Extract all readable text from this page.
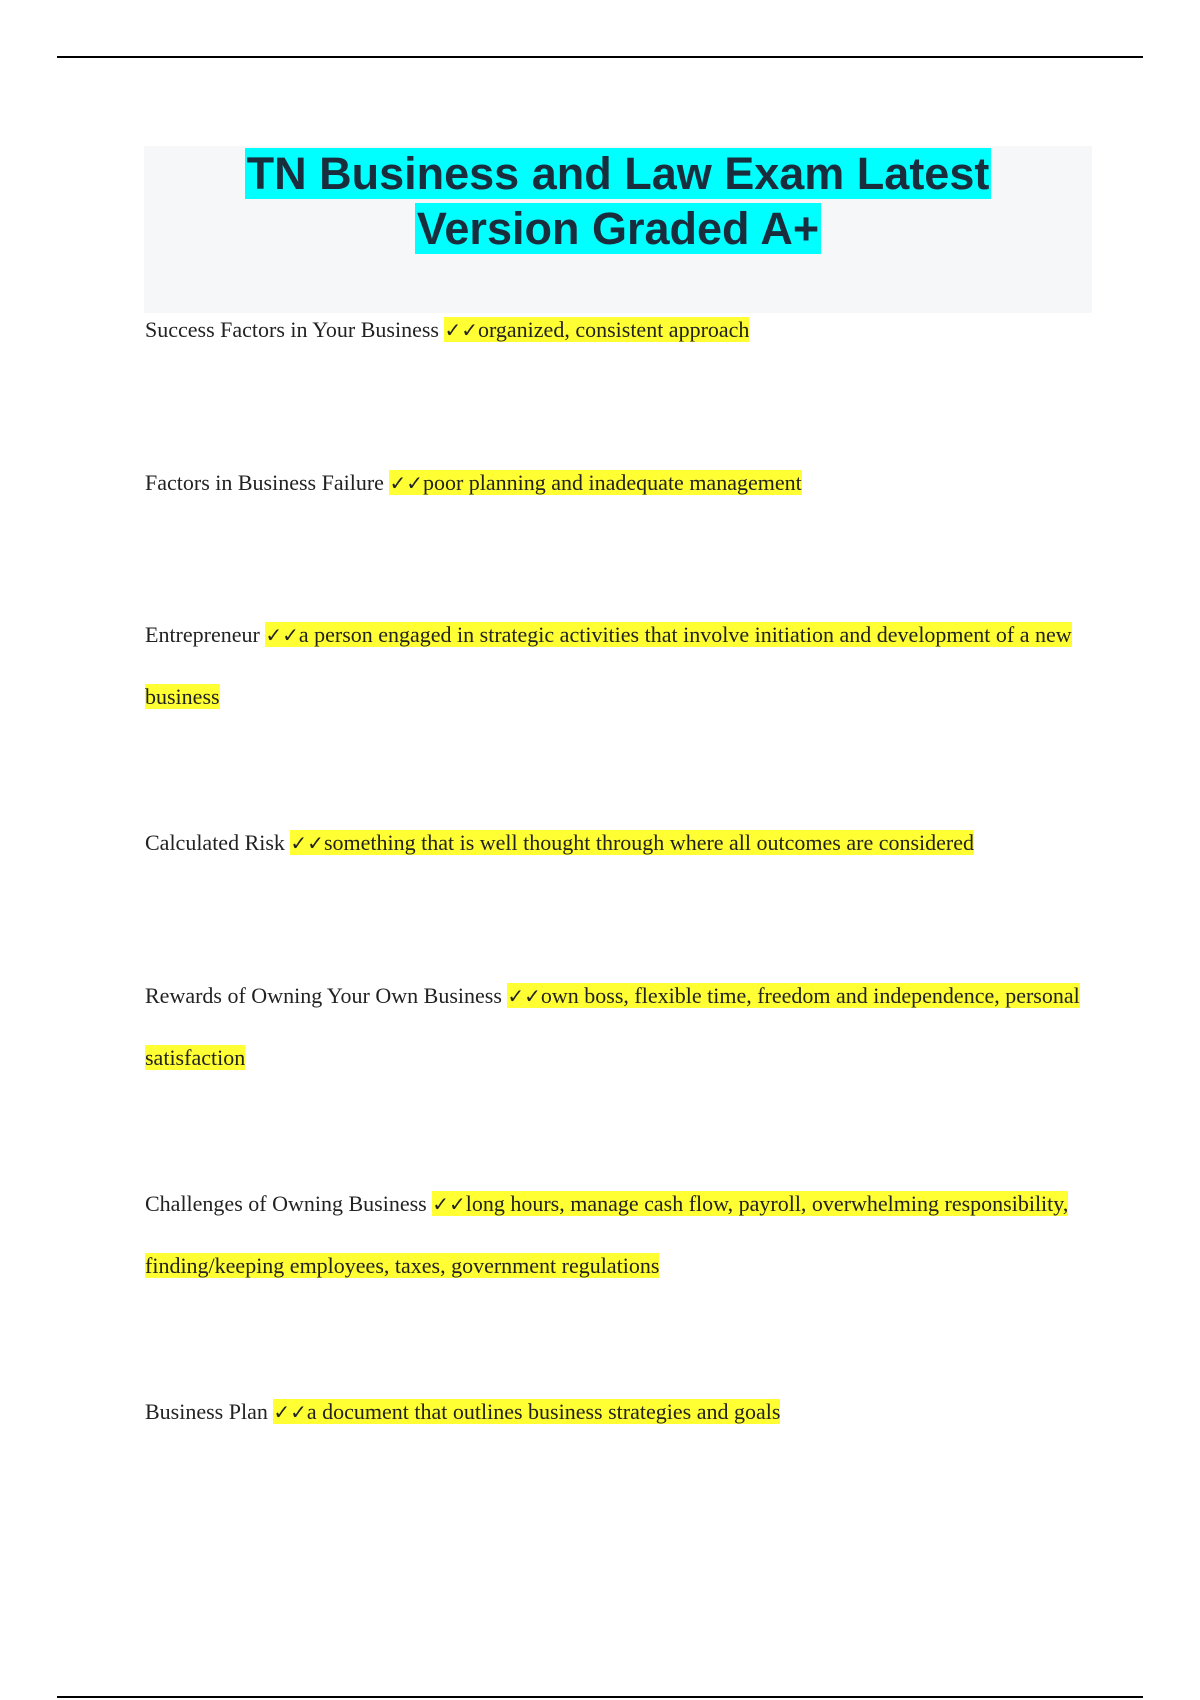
TN Business and Law Exam Latest
Version Graded A+

Success Factors in Your Business ✓✓organized, consistent approach

Factors in Business Failure ✓✓poor planning and inadequate management

Entrepreneur ✓✓a person engaged in strategic activities that involve initiation and development of a new business

Calculated Risk ✓✓something that is well thought through where all outcomes are considered

Rewards of Owning Your Own Business ✓✓own boss, flexible time, freedom and independence, personal satisfaction

Challenges of Owning Business ✓✓long hours, manage cash flow, payroll, overwhelming responsibility, finding/keeping employees, taxes, government regulations

Business Plan ✓✓a document that outlines business strategies and goals
